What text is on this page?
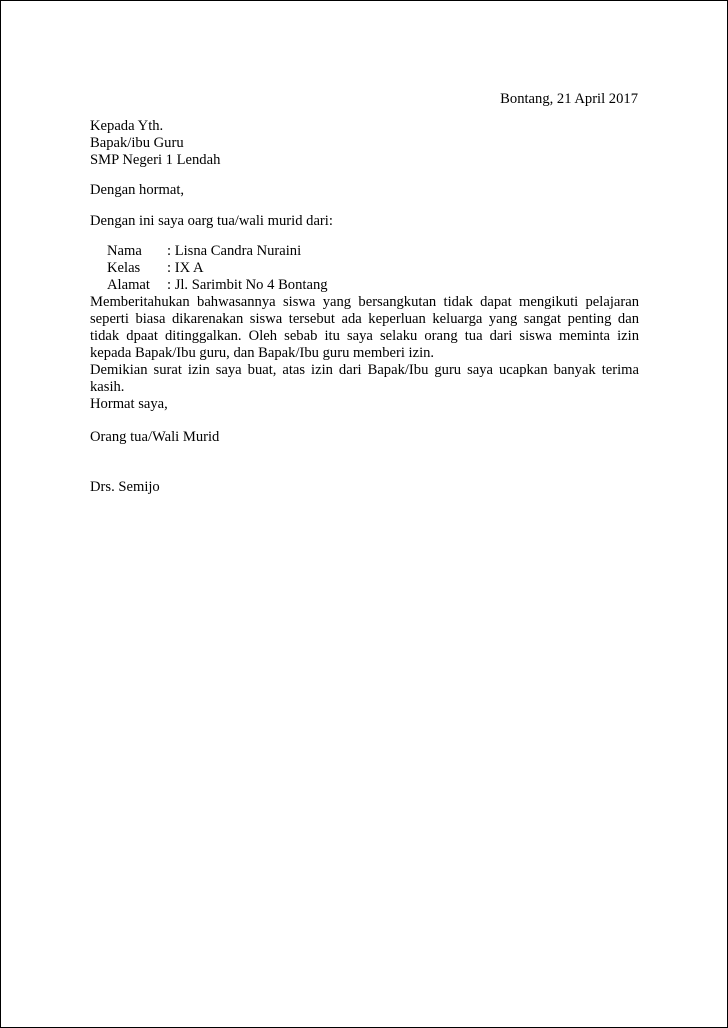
Bontang, 21 April 2017
Kepada Yth.
Bapak/ibu Guru
SMP Negeri 1 Lendah
Dengan hormat,
Dengan ini saya oarg tua/wali murid dari:
Nama	: Lisna Candra Nuraini
Kelas	: IX A
Alamat	: Jl. Sarimbit No 4 Bontang

Memberitahukan bahwasannya siswa yang bersangkutan tidak dapat mengikuti pelajaran seperti biasa dikarenakan siswa tersebut ada keperluan keluarga yang sangat penting dan tidak dpaat ditinggalkan. Oleh sebab itu saya selaku orang tua dari siswa meminta izin kepada Bapak/Ibu guru, dan Bapak/Ibu guru memberi izin.

Demikian surat izin saya buat, atas izin dari Bapak/Ibu guru saya ucapkan banyak terima kasih.

Hormat saya,
Orang tua/Wali Murid
Drs. Semijo
